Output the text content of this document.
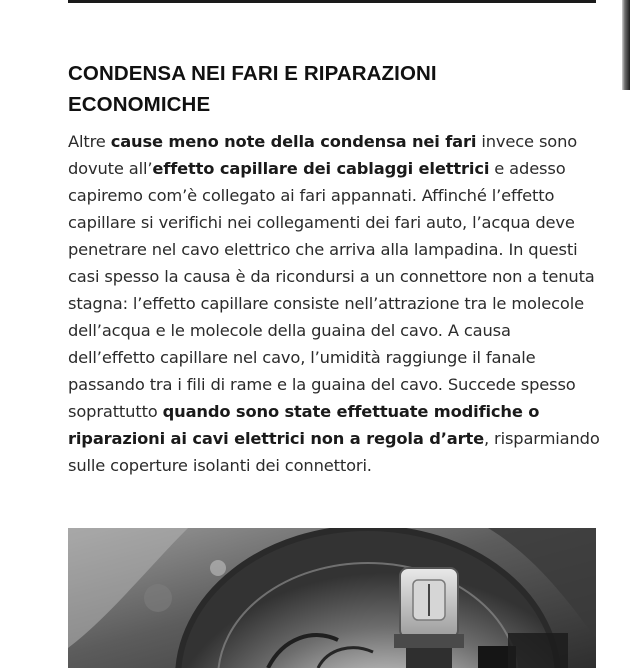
CONDENSA NEI FARI E RIPARAZIONI
ECONOMICHE

Altre cause meno note della condensa nei fari invece sono dovute all’effetto capillare dei cablaggi elettrici e adesso capiremo com’è collegato ai fari appannati. Affinché l’effetto capillare si verifichi nei collegamenti dei fari auto, l’acqua deve penetrare nel cavo elettrico che arriva alla lampadina. In questi casi spesso la causa è da ricondursi a un connettore non a tenuta stagna: l’effetto capillare consiste nell’attrazione tra le molecole dell’acqua e le molecole della guaina del cavo. A causa dell’effetto capillare nel cavo, l’umidità raggiunge il fanale passando tra i fili di rame e la guaina del cavo. Succede spesso soprattutto quando sono state effettuate modifiche o riparazioni ai cavi elettrici non a regola d’arte, risparmiando sulle coperture isolanti dei connettori.
